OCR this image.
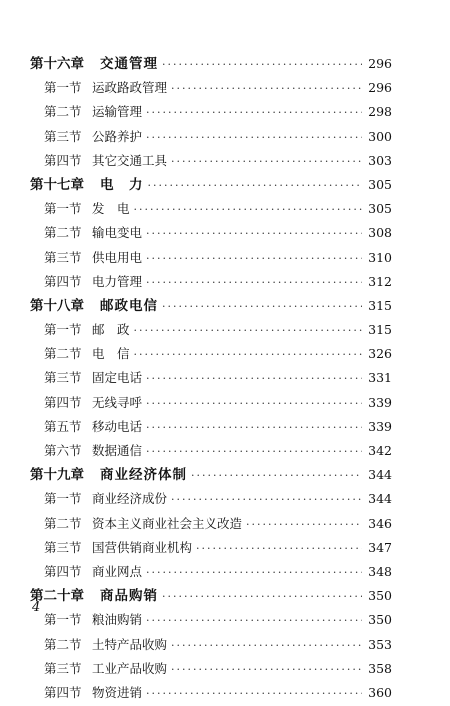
第十六章	交通管理 ·····	296
第一节 运政路政管理 ·····	296
第二节 运输管理 ·····	298
第三节 公路养护 ·····	300
第四节 其它交通工具 ·····	303
第十七章	电　力 ·····	305
第一节 发　电 ·····	305
第二节 输电变电 ·····	308
第三节 供电用电 ·····	310
第四节 电力管理 ·····	312
第十八章	邮政电信 ·····	315
第一节 邮　政 ·····	315
第二节 电　信 ·····	326
第三节 固定电话 ·····	331
第四节 无线寻呼 ·····	339
第五节 移动电话 ·····	339
第六节 数据通信 ·····	342
第十九章	商业经济体制 ·····	344
第一节 商业经济成份 ·····	344
第二节 资本主义商业社会主义改造 ·····	346
第三节 国营供销商业机构 ·····	347
第四节 商业网点 ·····	348
第二十章	商品购销 ·····	350
第一节 粮油购销 ·····	350
第二节 土特产品收购 ·····	353
第三节 工业产品收购 ·····	358
第四节 物资进销 ·····	360
4
